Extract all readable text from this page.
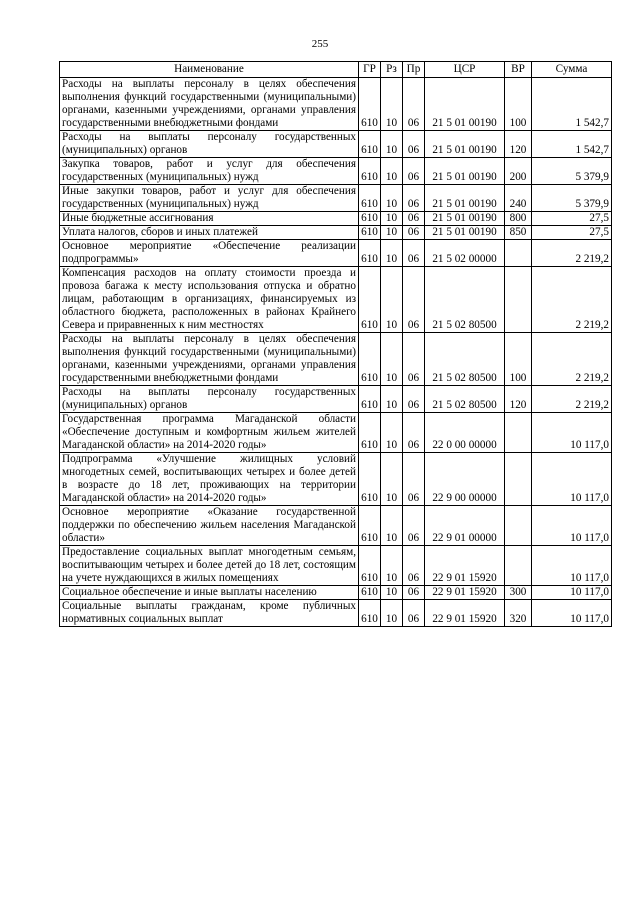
255
Наименование	ГР	Рз	Пр	ЦСР	ВР	Сумма
Расходы на выплаты персоналу в целях обеспечения выполнения функций государственными (муниципальными) органами, казенными учреждениями, органами управления государственными внебюджетными фондами	610	10	06	21 5 01 00190	100	1 542,7
Расходы на выплаты персоналу государственных (муниципальных) органов	610	10	06	21 5 01 00190	120	1 542,7
Закупка товаров, работ и услуг для обеспечения государственных (муниципальных) нужд	610	10	06	21 5 01 00190	200	5 379,9
Иные закупки товаров, работ и услуг для обеспечения государственных (муниципальных) нужд	610	10	06	21 5 01 00190	240	5 379,9
Иные бюджетные ассигнования	610	10	06	21 5 01 00190	800	27,5
Уплата налогов, сборов и иных платежей	610	10	06	21 5 01 00190	850	27,5
Основное мероприятие «Обеспечение реализации подпрограммы»	610	10	06	21 5 02 00000		2 219,2
Компенсация расходов на оплату стоимости проезда и провоза багажа к месту использования отпуска и обратно лицам, работающим в организациях, финансируемых из областного бюджета, расположенных в районах Крайнего Севера и приравненных к ним местностях	610	10	06	21 5 02 80500		2 219,2
Расходы на выплаты персоналу в целях обеспечения выполнения функций государственными (муниципальными) органами, казенными учреждениями, органами управления государственными внебюджетными фондами	610	10	06	21 5 02 80500	100	2 219,2
Расходы на выплаты персоналу государственных (муниципальных) органов	610	10	06	21 5 02 80500	120	2 219,2
Государственная программа Магаданской области «Обеспечение доступным и комфортным жильем жителей Магаданской области» на 2014-2020 годы»	610	10	06	22 0 00 00000		10 117,0
Подпрограмма «Улучшение жилищных условий многодетных семей, воспитывающих четырех и более детей в возрасте до 18 лет, проживающих на территории Магаданской области» на 2014-2020 годы»	610	10	06	22 9 00 00000		10 117,0
Основное мероприятие «Оказание государственной поддержки по обеспечению жильем населения Магаданской области»	610	10	06	22 9 01 00000		10 117,0
Предоставление социальных выплат многодетным семьям, воспитывающим четырех и более детей до 18 лет, состоящим на учете нуждающихся в жилых помещениях	610	10	06	22 9 01 15920		10 117,0
Социальное обеспечение и иные выплаты населению	610	10	06	22 9 01 15920	300	10 117,0
Социальные выплаты гражданам, кроме публичных нормативных социальных выплат	610	10	06	22 9 01 15920	320	10 117,0
